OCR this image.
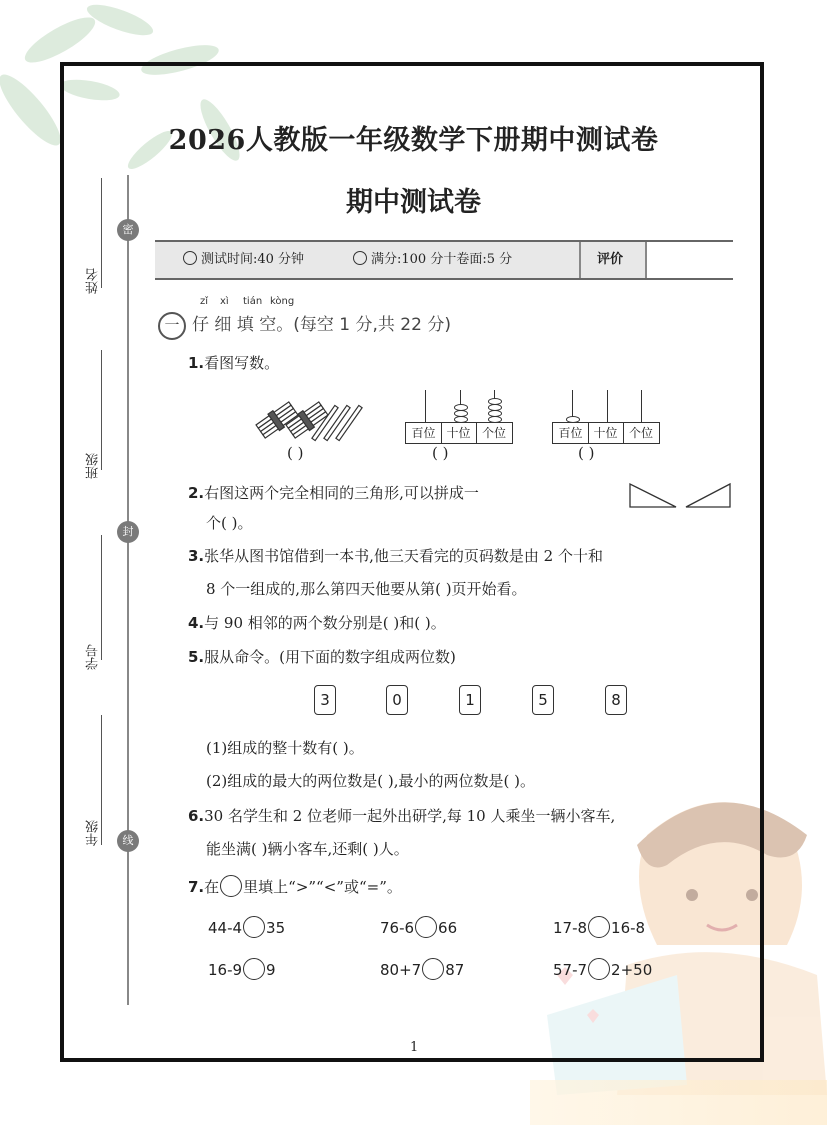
2026人教版一年级数学下册期中测试卷
期中测试卷
密
封
线
姓名
班级
学号
年级
测试时间:40 分钟	满分:100 分十卷面:5 分	评价
zǐ xì tián kòng
一 仔 细 填 空。(每空 1 分,共 22 分)
1.看图写数。
( )
百位 十位 个位
( )
百位 十位 个位
( )
2.右图这两个完全相同的三角形,可以拼成一
个( )。
3.张华从图书馆借到一本书,他三天看完的页码数是由 2 个十和
8 个一组成的,那么第四天他要从第( )页开始看。
4.与 90 相邻的两个数分别是( )和( )。
5.服从命令。(用下面的数字组成两位数)
3	0	1	5	8
(1)组成的整十数有( )。
(2)组成的最大的两位数是( ),最小的两位数是( )。
6.30 名学生和 2 位老师一起外出研学,每 10 人乘坐一辆小客车,
能坐满( )辆小客车,还剩( )人。
7.在 里填上“>”“<”或“=”。
44-4 35	76-6 66	17-8 16-8
16-9 9	80+7 87	57-7 2+50
1
